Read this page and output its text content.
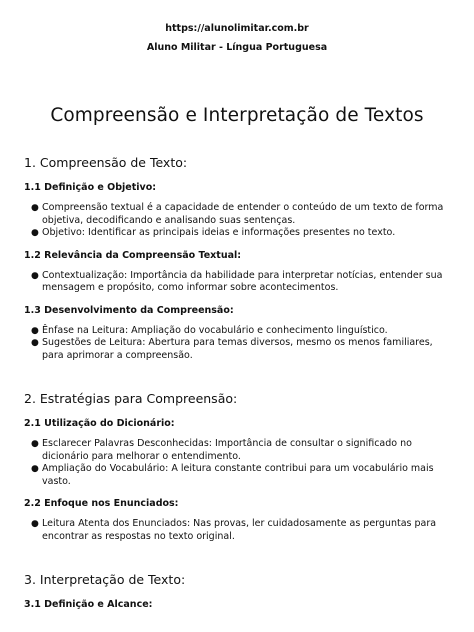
https://alunolimitar.com.br
Aluno Militar - Língua Portuguesa
Compreensão e Interpretação de Textos
1. Compreensão de Texto:
1.1 Definição e Objetivo:
● Compreensão textual é a capacidade de entender o conteúdo de um texto de forma objetiva, decodificando e analisando suas sentenças.
● Objetivo: Identificar as principais ideias e informações presentes no texto.
1.2 Relevância da Compreensão Textual:
● Contextualização: Importância da habilidade para interpretar notícias, entender sua mensagem e propósito, como informar sobre acontecimentos.
1.3 Desenvolvimento da Compreensão:
● Ênfase na Leitura: Ampliação do vocabulário e conhecimento linguístico.
● Sugestões de Leitura: Abertura para temas diversos, mesmo os menos familiares, para aprimorar a compreensão.
2. Estratégias para Compreensão:
2.1 Utilização do Dicionário:
● Esclarecer Palavras Desconhecidas: Importância de consultar o significado no dicionário para melhorar o entendimento.
● Ampliação do Vocabulário: A leitura constante contribui para um vocabulário mais vasto.
2.2 Enfoque nos Enunciados:
● Leitura Atenta dos Enunciados: Nas provas, ler cuidadosamente as perguntas para encontrar as respostas no texto original.
3. Interpretação de Texto:
3.1 Definição e Alcance:
